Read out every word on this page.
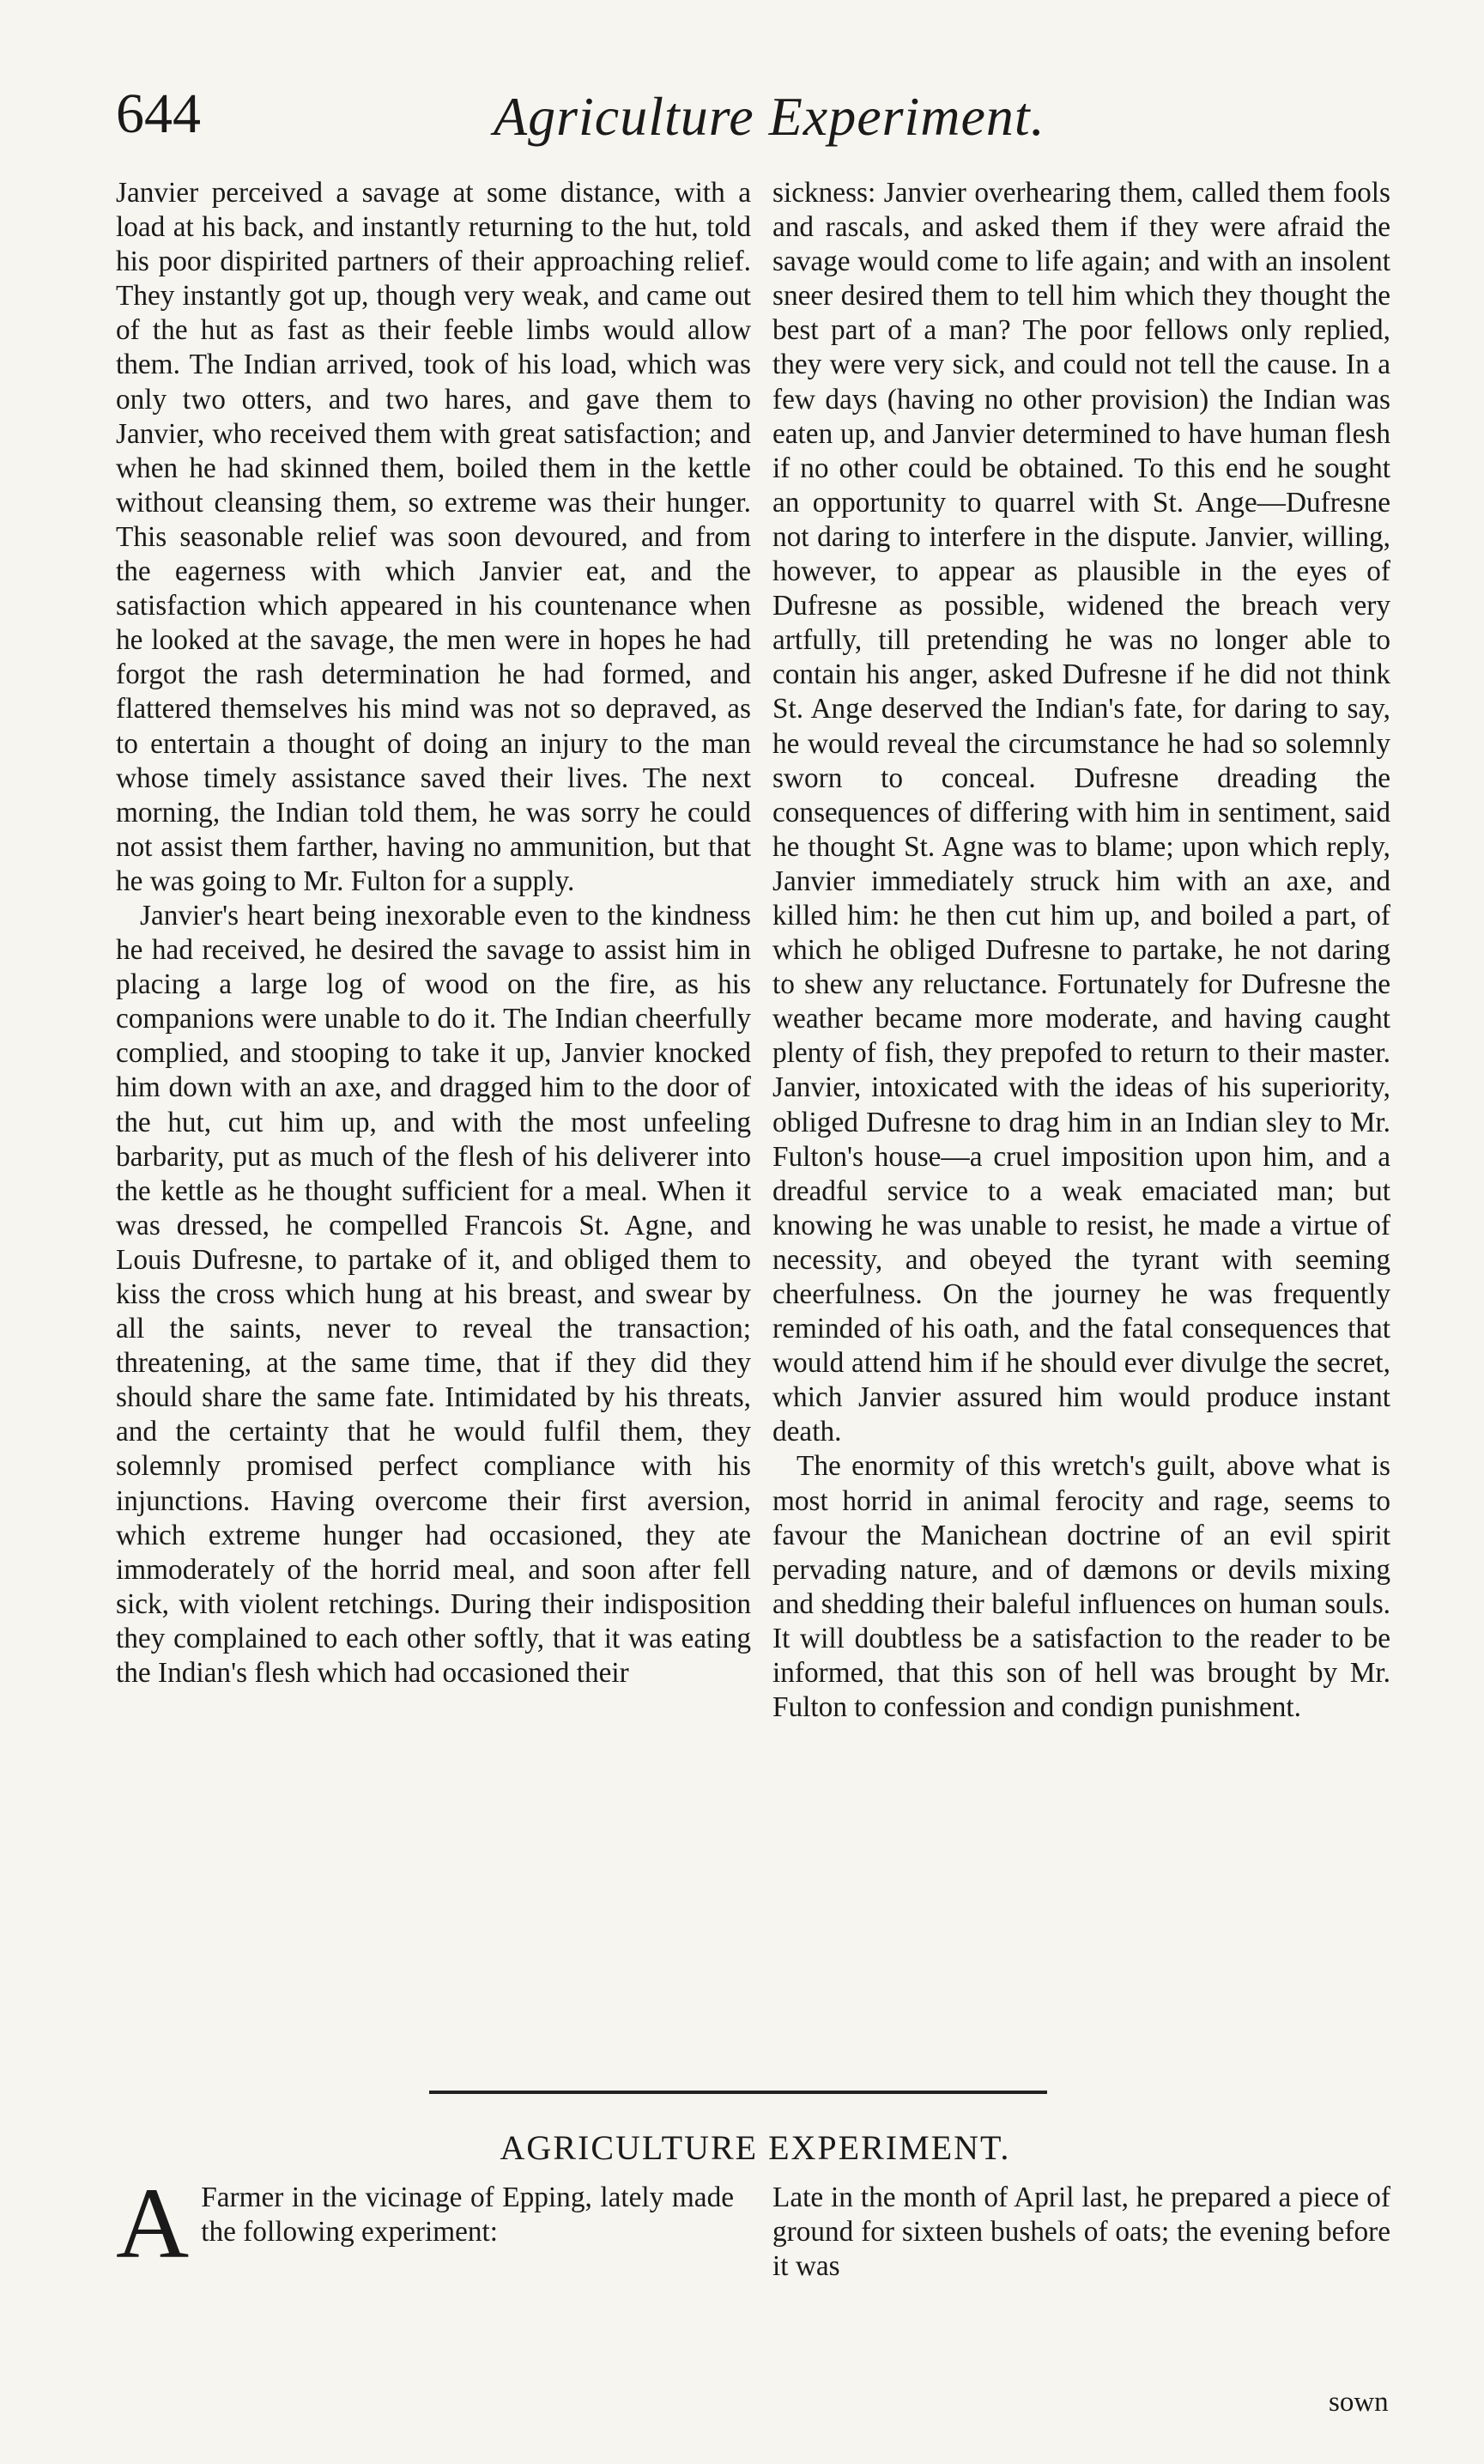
644	Agriculture Experiment.

Janvier perceived a savage at some distance, with a load at his back, and instantly returning to the hut, told his poor dispirited partners of their approaching relief. They instantly got up, though very weak, and came out of the hut as fast as their feeble limbs would allow them. The Indian arrived, took of his load, which was only two otters, and two hares, and gave them to Janvier, who received them with great satisfaction; and when he had skinned them, boiled them in the kettle without cleansing them, so extreme was their hunger. This seasonable relief was soon devoured, and from the eagerness with which Janvier eat, and the satisfaction which appeared in his countenance when he looked at the savage, the men were in hopes he had forgot the rash determination he had formed, and flattered themselves his mind was not so depraved, as to entertain a thought of doing an injury to the man whose timely assistance saved their lives. The next morning, the Indian told them, he was sorry he could not assist them farther, having no ammunition, but that he was going to Mr. Fulton for a supply.

Janvier's heart being inexorable even to the kindness he had received, he desired the savage to assist him in placing a large log of wood on the fire, as his companions were unable to do it. The Indian cheerfully complied, and stooping to take it up, Janvier knocked him down with an axe, and dragged him to the door of the hut, cut him up, and with the most unfeeling barbarity, put as much of the flesh of his deliverer into the kettle as he thought sufficient for a meal. When it was dressed, he compelled Francois St. Agne, and Louis Dufresne, to partake of it, and obliged them to kiss the cross which hung at his breast, and swear by all the saints, never to reveal the transaction; threatening, at the same time, that if they did they should share the same fate. Intimidated by his threats, and the certainty that he would fulfil them, they solemnly promised perfect compliance with his injunctions. Having overcome their first aversion, which extreme hunger had occasioned, they ate immoderately of the horrid meal, and soon after fell sick, with violent retchings. During their indisposition they complained to each other softly, that it was eating the Indian's flesh which had occasioned their

sickness: Janvier overhearing them, called them fools and rascals, and asked them if they were afraid the savage would come to life again; and with an insolent sneer desired them to tell him which they thought the best part of a man? The poor fellows only replied, they were very sick, and could not tell the cause. In a few days (having no other provision) the Indian was eaten up, and Janvier determined to have human flesh if no other could be obtained. To this end he sought an opportunity to quarrel with St. Ange—Dufresne not daring to interfere in the dispute. Janvier, willing, however, to appear as plausible in the eyes of Dufresne as possible, widened the breach very artfully, till pretending he was no longer able to contain his anger, asked Dufresne if he did not think St. Ange deserved the Indian's fate, for daring to say, he would reveal the circumstance he had so solemnly sworn to conceal. Dufresne dreading the consequences of differing with him in sentiment, said he thought St. Agne was to blame; upon which reply, Janvier immediately struck him with an axe, and killed him: he then cut him up, and boiled a part, of which he obliged Dufresne to partake, he not daring to shew any reluctance. Fortunately for Dufresne the weather became more moderate, and having caught plenty of fish, they prepofed to return to their master. Janvier, intoxicated with the ideas of his superiority, obliged Dufresne to drag him in an Indian sley to Mr. Fulton's house—a cruel imposition upon him, and a dreadful service to a weak emaciated man; but knowing he was unable to resist, he made a virtue of necessity, and obeyed the tyrant with seeming cheerfulness. On the journey he was frequently reminded of his oath, and the fatal consequences that would attend him if he should ever divulge the secret, which Janvier assured him would produce instant death.

The enormity of this wretch's guilt, above what is most horrid in animal ferocity and rage, seems to favour the Manichean doctrine of an evil spirit pervading nature, and of dæmons or devils mixing and shedding their baleful influences on human souls. It will doubtless be a satisfaction to the reader to be informed, that this son of hell was brought by Mr. Fulton to confession and condign punishment.

AGRICULTURE EXPERIMENT.
A Farmer in the vicinage of Epping, lately made the following experiment:
Late in the month of April last, he prepared a piece of ground for sixteen bushels of oats; the evening before it was
sown
